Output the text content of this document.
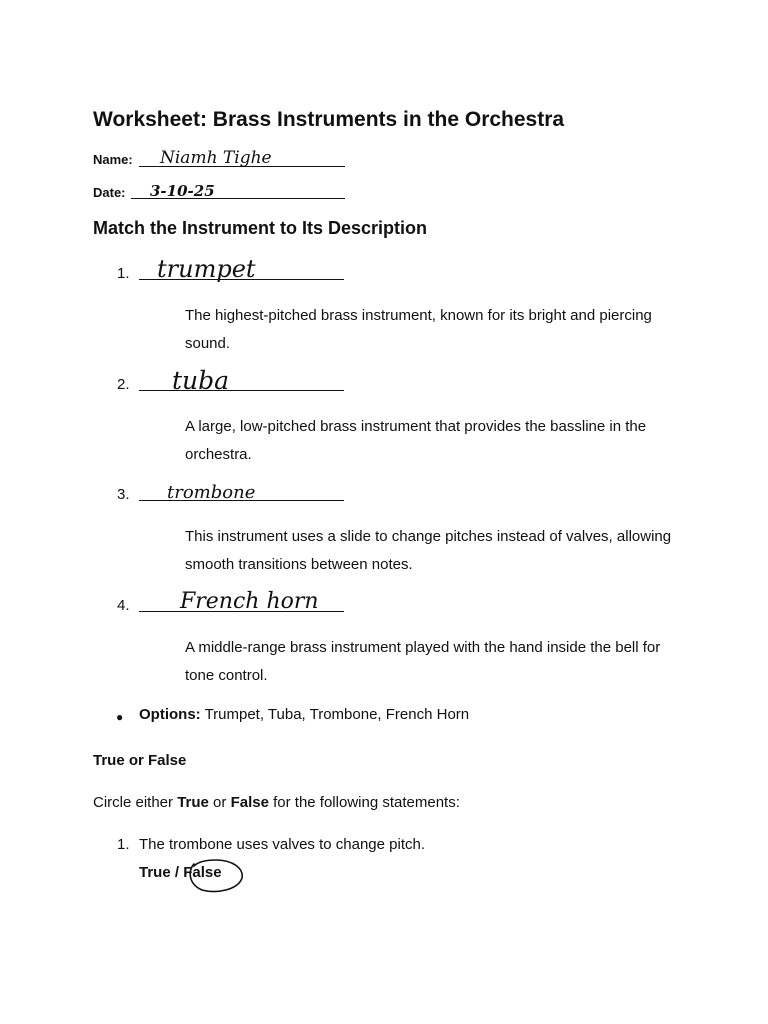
Worksheet: Brass Instruments in the Orchestra
Name: Niamh Tighe
Date: 3-10-25
Match the Instrument to Its Description
1. trumpet
The highest-pitched brass instrument, known for its bright and piercing sound.
2. tuba
A large, low-pitched brass instrument that provides the bassline in the orchestra.
3. trombone
This instrument uses a slide to change pitches instead of valves, allowing smooth transitions between notes.
4. French horn
A middle-range brass instrument played with the hand inside the bell for tone control.
● Options: Trumpet, Tuba, Trombone, French Horn
True or False
Circle either True or False for the following statements:
1. The trombone uses valves to change pitch.
True / False
